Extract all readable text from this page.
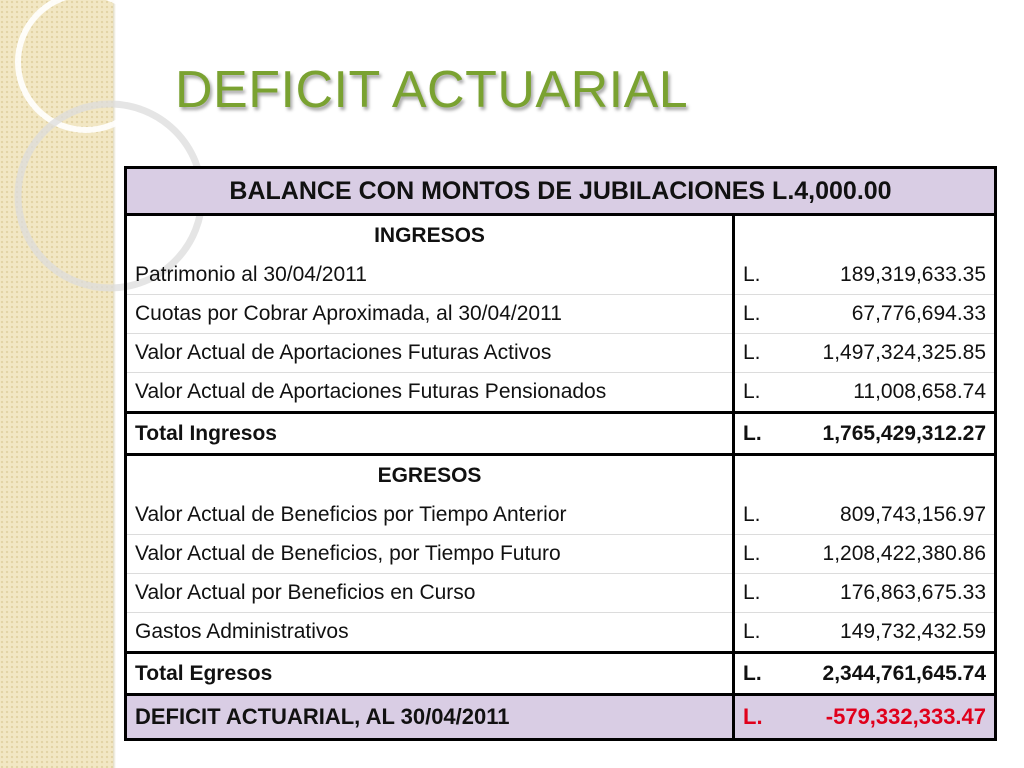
DEFICIT ACTUARIAL
BALANCE CON MONTOS DE JUBILACIONES L.4,000.00		
INGRESOS		
Patrimonio al 30/04/2011	L.	189,319,633.35
Cuotas por Cobrar Aproximada, al 30/04/2011	L.	67,776,694.33
Valor Actual de Aportaciones Futuras Activos	L.	1,497,324,325.85
Valor Actual de Aportaciones Futuras Pensionados	L.	11,008,658.74
Total Ingresos	L.	1,765,429,312.27
EGRESOS		
Valor Actual de Beneficios por Tiempo Anterior	L.	809,743,156.97
Valor Actual de Beneficios, por Tiempo Futuro	L.	1,208,422,380.86
Valor Actual por Beneficios en Curso	L.	176,863,675.33
Gastos Administrativos	L.	149,732,432.59
Total Egresos	L.	2,344,761,645.74
DEFICIT ACTUARIAL, AL 30/04/2011	L.	-579,332,333.47
